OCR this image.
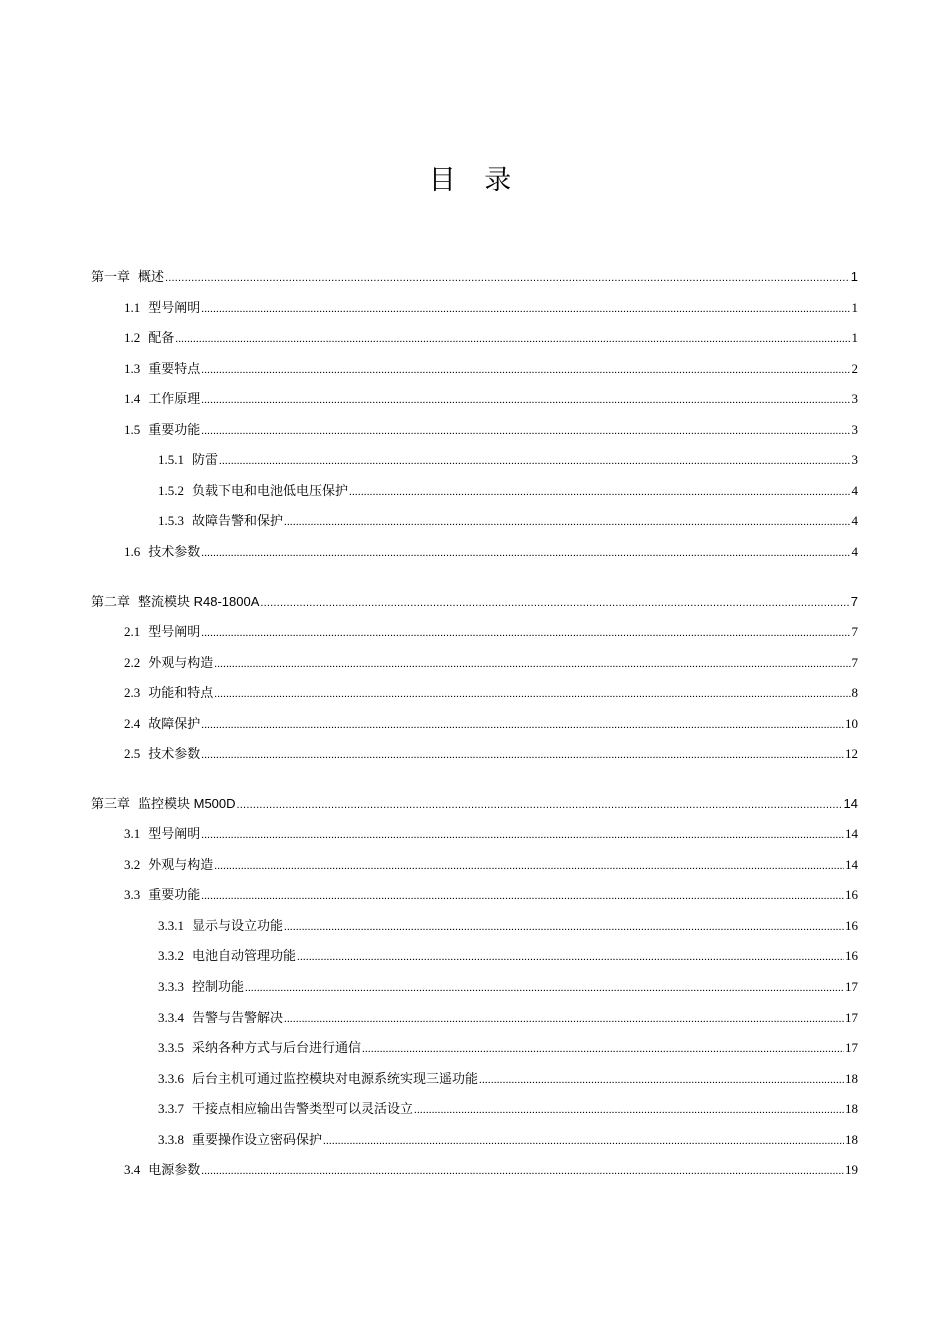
目 录
第一章 概述 .....	1
1.1 型号阐明 .....	1
1.2 配备 .....	1
1.3 重要特点 .....	2
1.4 工作原理 .....	3
1.5 重要功能 .....	3
1.5.1 防雷 .....	3
1.5.2 负载下电和电池低电压保护 .....	4
1.5.3 故障告警和保护 .....	4
1.6 技术参数 .....	4
第二章 整流模块 R48-1800A .....	7
2.1 型号阐明 .....	7
2.2 外观与构造 .....	7
2.3 功能和特点 .....	8
2.4 故障保护 .....	10
2.5 技术参数 .....	12
第三章 监控模块 M500D .....	14
3.1 型号阐明 .....	14
3.2 外观与构造 .....	14
3.3 重要功能 .....	16
3.3.1 显示与设立功能 .....	16
3.3.2 电池自动管理功能 .....	16
3.3.3 控制功能 .....	17
3.3.4 告警与告警解决 .....	17
3.3.5 采纳各种方式与后台进行通信 .....	17
3.3.6 后台主机可通过监控模块对电源系统实现三遥功能 .....	18
3.3.7 干接点相应输出告警类型可以灵活设立 .....	18
3.3.8 重要操作设立密码保护 .....	18
3.4 电源参数 .....	19
